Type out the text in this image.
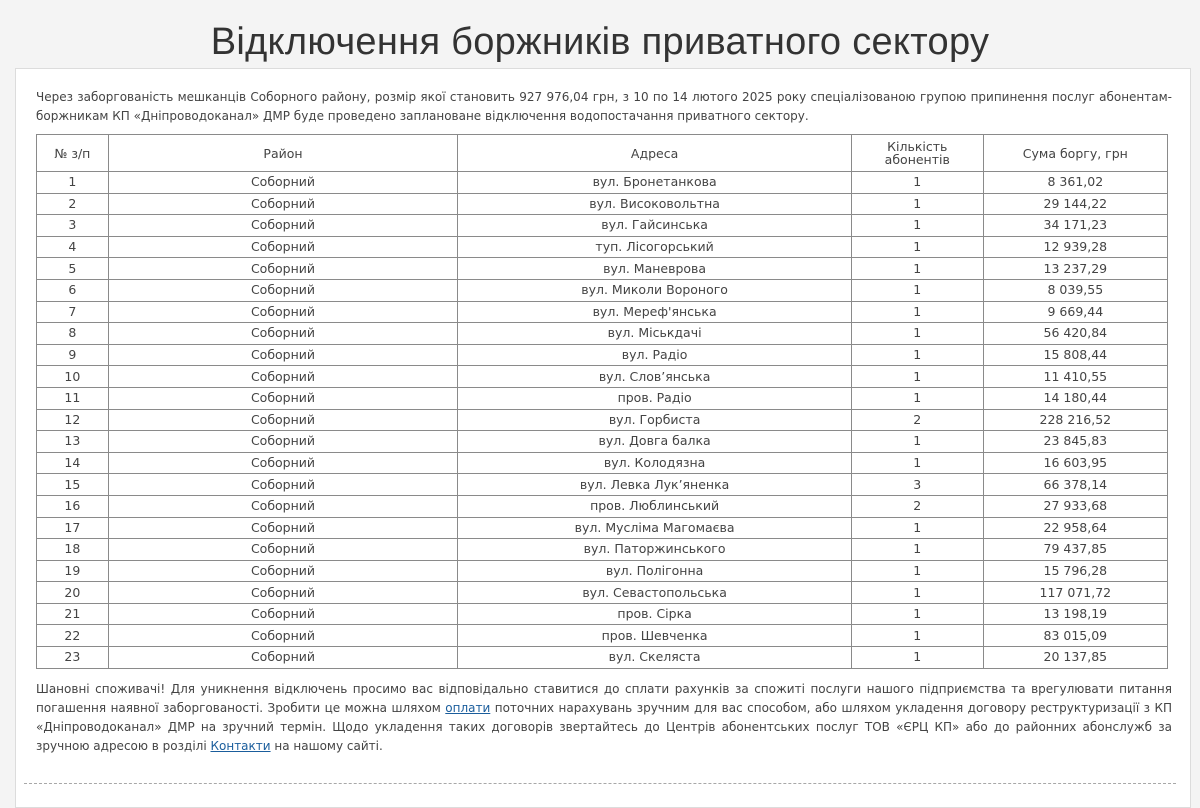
Відключення боржників приватного сектору

Через заборгованість мешканців Соборного району, розмір якої становить 927 976,04 грн, з 10 по 14 лютого 2025 року спеціалізованою групою припинення послуг абонентам-боржникам КП «Дніпроводоканал» ДМР буде проведено заплановане відключення водопостачання приватного сектору.

№ з/п	Район	Адреса	Кількість абонентів	Сума боргу, грн
1	Соборний	вул. Бронетанкова	1	8 361,02
2	Соборний	вул. Високовольтна	1	29 144,22
3	Соборний	вул. Гайсинська	1	34 171,23
4	Соборний	туп. Лісогорський	1	12 939,28
5	Соборний	вул. Маневрова	1	13 237,29
6	Соборний	вул. Миколи Вороного	1	8 039,55
7	Соборний	вул. Мереф'янська	1	9 669,44
8	Соборний	вул. Міськдачі	1	56 420,84
9	Соборний	вул. Радіо	1	15 808,44
10	Соборний	вул. Слов’янська	1	11 410,55
11	Соборний	пров. Радіо	1	14 180,44
12	Соборний	вул. Горбиста	2	228 216,52
13	Соборний	вул. Довга балка	1	23 845,83
14	Соборний	вул. Колодязна	1	16 603,95
15	Соборний	вул. Левка Лук’яненка	3	66 378,14
16	Соборний	пров. Люблинський	2	27 933,68
17	Соборний	вул. Мусліма Магомаєва	1	22 958,64
18	Соборний	вул. Паторжинського	1	79 437,85
19	Соборний	вул. Полігонна	1	15 796,28
20	Соборний	вул. Севастопольська	1	117 071,72
21	Соборний	пров. Сірка	1	13 198,19
22	Соборний	пров. Шевченка	1	83 015,09
23	Соборний	вул. Скеляста	1	20 137,85

Шановні споживачі! Для уникнення відключень просимо вас відповідально ставитися до сплати рахунків за спожиті послуги нашого підприємства та врегулювати питання погашення наявної заборгованості. Зробити це можна шляхом оплати поточних нарахувань зручним для вас способом, або шляхом укладення договору реструктуризації з КП «Дніпроводоканал» ДМР на зручний термін. Щодо укладення таких договорів звертайтесь до Центрів абонентських послуг ТОВ «ЄРЦ КП» або до районних абонслужб за зручною адресою в розділі Контакти на нашому сайті.
